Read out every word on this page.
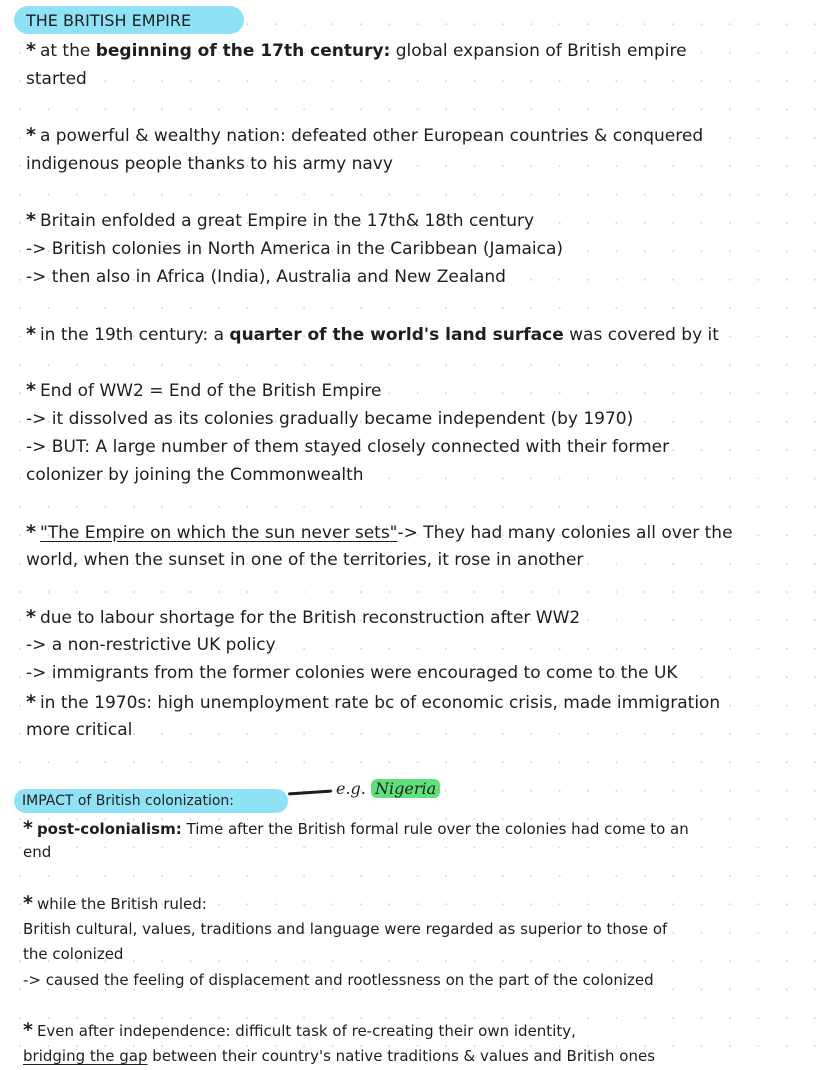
THE BRITISH EMPIRE
* at the beginning of the 17th century: global expansion of British empire
started
* a powerful & wealthy nation: defeated other European countries & conquered
indigenous people thanks to his army navy
* Britain enfolded a great Empire in the 17th& 18th century
-> British colonies in North America in the Caribbean (Jamaica)
-> then also in Africa (India), Australia and New Zealand
* in the 19th century: a quarter of the world's land surface was covered by it
* End of WW2 = End of the British Empire
-> it dissolved as its colonies gradually became independent (by 1970)
-> BUT: A large number of them stayed closely connected with their former
colonizer by joining the Commonwealth
* "The Empire on which the sun never sets"-> They had many colonies all over the
world, when the sunset in one of the territories, it rose in another
* due to labour shortage for the British reconstruction after WW2
-> a non-restrictive UK policy
-> immigrants from the former colonies were encouraged to come to the UK
* in the 1970s: high unemployment rate bc of economic crisis, made immigration
more critical
IMPACT of British colonization:
e.g. Nigeria
* post-colonialism: Time after the British formal rule over the colonies had come to an
end
* while the British ruled:
British cultural, values, traditions and language were regarded as superior to those of
the colonized
-> caused the feeling of displacement and rootlessness on the part of the colonized
* Even after independence: difficult task of re-creating their own identity,
bridging the gap between their country's native traditions & values and British ones
